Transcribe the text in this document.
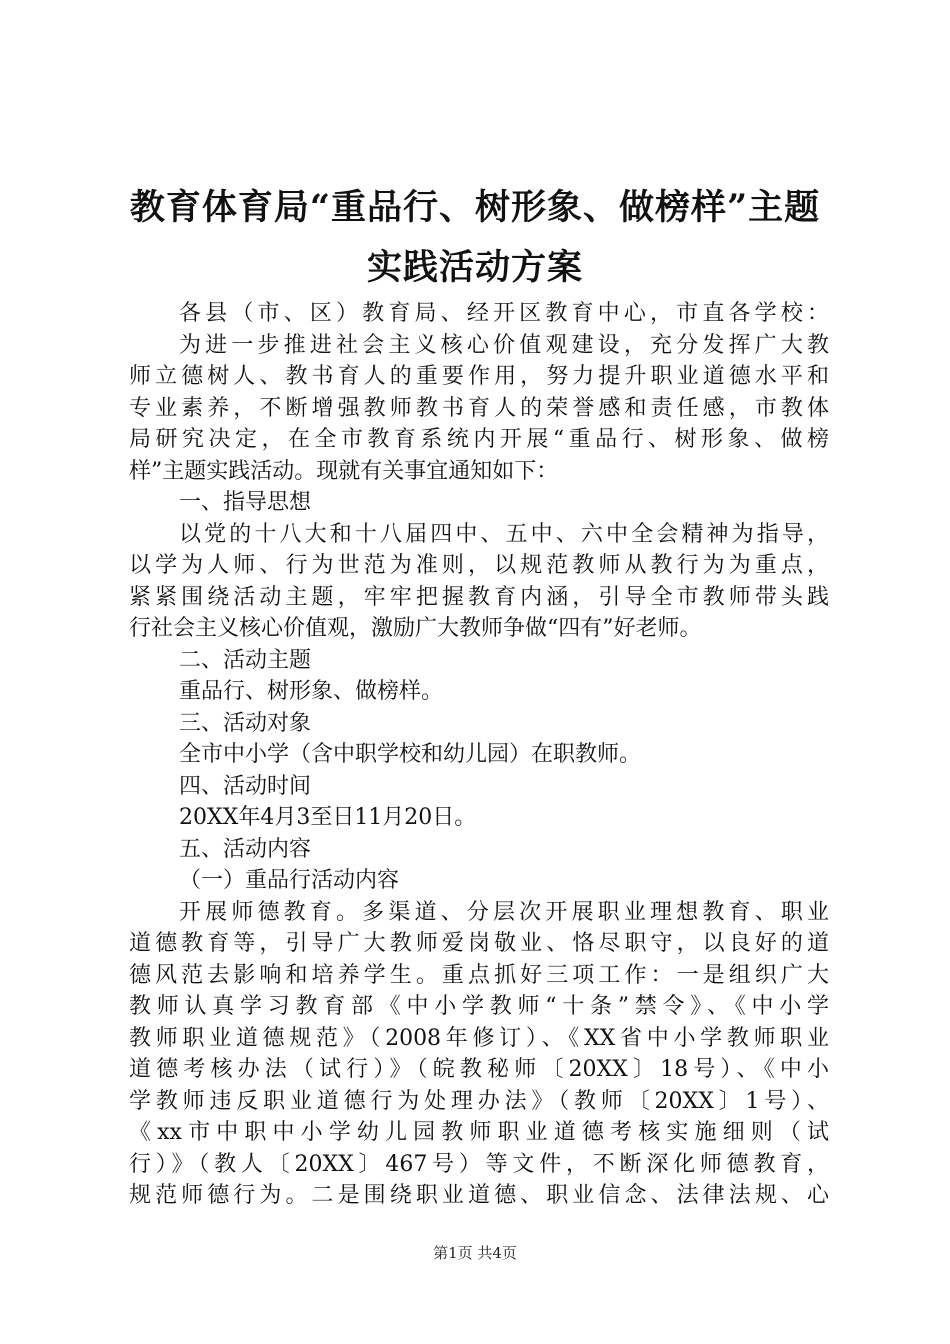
教育体育局“重品行、树形象、做榜样”主题
实践活动方案
各县（市、区）教育局、经开区教育中心，市直各学校：
为进一步推进社会主义核心价值观建设，充分发挥广大教
师立德树人、教书育人的重要作用，努力提升职业道德水平和
专业素养，不断增强教师教书育人的荣誉感和责任感，市教体
局研究决定，在全市教育系统内开展“重品行、树形象、做榜
样”主题实践活动。现就有关事宜通知如下：
一、指导思想
以党的十八大和十八届四中、五中、六中全会精神为指导，
以学为人师、行为世范为准则，以规范教师从教行为为重点，
紧紧围绕活动主题，牢牢把握教育内涵，引导全市教师带头践
行社会主义核心价值观，激励广大教师争做“四有”好老师。
二、活动主题
重品行、树形象、做榜样。
三、活动对象
全市中小学（含中职学校和幼儿园）在职教师。
四、活动时间
20XX年4月3至日11月20日。
五、活动内容
（一）重品行活动内容
开展师德教育。多渠道、分层次开展职业理想教育、职业
道德教育等，引导广大教师爱岗敬业、恪尽职守，以良好的道
德风范去影响和培养学生。重点抓好三项工作：一是组织广大
教师认真学习教育部《中小学教师“十条”禁令》、《中小学
教师职业道德规范》（2008年修订）、《XX省中小学教师职业
道德考核办法（试行）》（皖教秘师〔20XX〕18号）、《中小
学教师违反职业道德行为处理办法》（教师〔20XX〕1号）、
《xx市中职中小学幼儿园教师职业道德考核实施细则（试
行）》（教人〔20XX〕467号）等文件，不断深化师德教育，
规范师德行为。二是围绕职业道德、职业信念、法律法规、心
第1页 共4页
